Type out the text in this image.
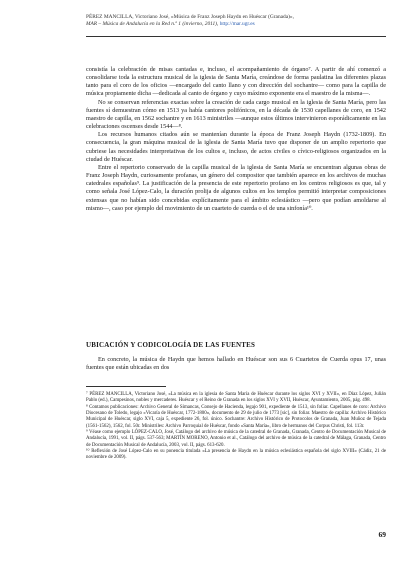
PÉREZ MANCILLA, Victoriano José, «Música de Franz Joseph Haydn en Huéscar (Granada)»,
MAR – Música de Andalucía en la Red n.º 1 (invierno, 2011), http://mar.ugr.es

consistía la celebración de misas cantadas e, incluso, el acompañamiento de órgano⁷. A partir de ahí comenzó a consolidarse toda la estructura musical de la iglesia de Santa María, creándose de forma paulatina las diferentes plazas tanto para el coro de los oficios —encargado del canto llano y con dirección del sochantre— como para la capilla de música propiamente dicha —dedicada al canto de órgano y cuyo máximo exponente era el maestro de la misma—.

No se conservan referencias exactas sobre la creación de cada cargo musical en la iglesia de Santa María, pero las fuentes sí demuestran cómo en 1513 ya había cantores polifónicos, en la década de 1530 capellanes de coro, en 1542 maestro de capilla, en 1562 sochantre y en 1613 ministriles —aunque estos últimos intervinieron esporádicamente en las celebraciones oscenses desde 1544—⁸.

Los recursos humanos citados aún se mantenían durante la época de Franz Joseph Haydn (1732-1809). En consecuencia, la gran máquina musical de la iglesia de Santa María tuvo que disponer de un amplio repertorio que cubriese las necesidades interpretativas de los cultos e, incluso, de actos civiles o cívico-religiosos organizados en la ciudad de Huéscar.

Entre el repertorio conservado de la capilla musical de la iglesia de Santa María se encuentran algunas obras de Franz Joseph Haydn, curiosamente profanas, un género del compositor que también aparece en los archivos de muchas catedrales españolas⁹. La justificación de la presencia de este repertorio profano en los centros religiosos es que, tal y como señala José López-Calo, la duración prolija de algunos cultos en los templos permitió interpretar composiciones extensas que no habían sido concebidas explícitamente para el ámbito eclesiástico —pero que podían amoldarse al mismo—, caso por ejemplo del movimiento de un cuarteto de cuerda o el de una sinfonía¹⁰.

UBICACIÓN Y CODICOLOGÍA DE LAS FUENTES

En concreto, la música de Haydn que hemos hallado en Huéscar son sus 6 Cuartetos de Cuerda opus 17, unas fuentes que están ubicadas en dos

⁷ PÉREZ MANCILLA, Victoriano José, «La música en la iglesia de Santa María de Huéscar durante los siglos XVI y XVII», en Díaz López, Julián Pablo (ed.), Campesinos, nobles y mercaderes. Huéscar y el Reino de Granada en los siglos XVI y XVII, Huéscar, Ayuntamiento, 2005, pág. 498.

⁸ Contamos publicaciones: Archivo General de Simancas, Consejo de Hacienda, legajo 901, expediente de 1513, sin foliar. Capellanes de coro: Archivo Diocesano de Toledo, legajo «Vicaría de Huéscar, 1772-1800», documento de 29 de julio de 1773 [sic], sin foliar. Maestro de capilla: Archivo Histórico Municipal de Huéscar, siglo XVI, caja 5, expediente 26, fol. único. Sochantre: Archivo Histórico de Protocolos de Granada, Juan Muñoz de Tejada (1561-1562), 1562, fol. 50r. Ministriles: Archivo Parroquial de Huéscar, fondo «Santa María», libro de hermanos del Corpus Christi, fol. 113r.

⁹ Véase como ejemplo LÓPEZ-CALO, José, Catálogo del archivo de música de la catedral de Granada, Granada, Centro de Documentación Musical de Andalucía, 1991, vol. II, págs. 537-563; MARTÍN MORENO, Antonio et al., Catálogo del archivo de música de la catedral de Málaga, Granada, Centro de Documentación Musical de Andalucía, 2003, vol. II, págs. 613-620.

¹⁰ Reflexión de José López-Calo en su ponencia titulada «La presencia de Haydn en la música eclesiástica española del siglo XVIII» (Cádiz, 21 de noviembre de 2009).

69
